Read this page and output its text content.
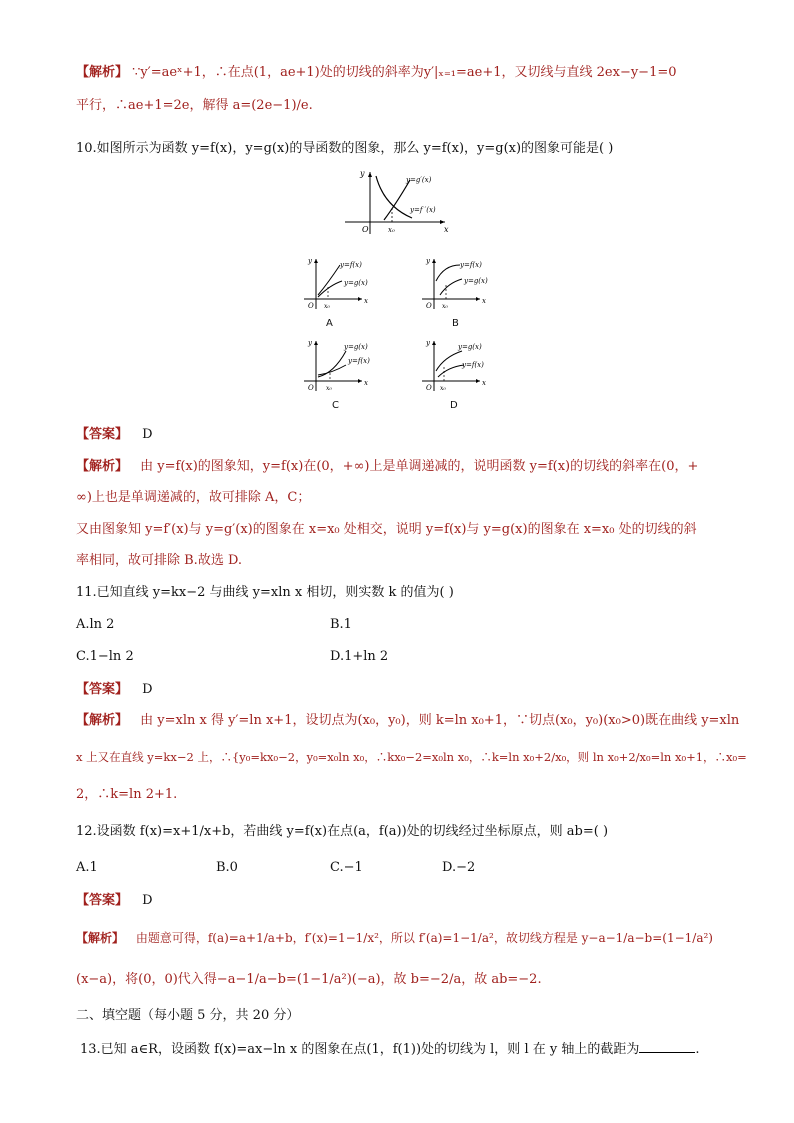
【解析】 ∵y′=aeˣ+1，∴在点(1，ae+1)处的切线的斜率为y′|ₓ₌₁=ae+1，又切线与直线 2ex−y−1=0
平行，∴ae+1=2e，解得 a=(2e−1)/e.
10.如图所示为函数 y=f(x)，y=g(x)的导函数的图象，那么 y=f(x)，y=g(x)的图象可能是( )
y
x
O	x₀
y=g′(x)
y=f ′(x)
y
x
O x₀
y=f(x)
y=g(x)
A
y
x
O x₀
y=f(x)
y=g(x)
B
y
x
O x₀
y=g(x)
y=f(x)
C
y
x
O x₀
y=g(x)
y=f(x)
D
【答案】 D
【解析】 由 y=f(x)的图象知，y=f(x)在(0，+∞)上是单调递减的，说明函数 y=f(x)的切线的斜率在(0，+
∞)上也是单调递减的，故可排除 A，C；
又由图象知 y=f′(x)与 y=g′(x)的图象在 x=x₀ 处相交，说明 y=f(x)与 y=g(x)的图象在 x=x₀ 处的切线的斜
率相同，故可排除 B.故选 D.
11.已知直线 y=kx−2 与曲线 y=xln x 相切，则实数 k 的值为( )
A.ln 2	B.1
C.1−ln 2	D.1+ln 2
【答案】 D
【解析】 由 y=xln x 得 y′=ln x+1，设切点为(x₀，y₀)，则 k=ln x₀+1，∵切点(x₀，y₀)(x₀>0)既在曲线 y=xln
x 上又在直线 y=kx−2 上，∴{y₀=kx₀−2，y₀=x₀ln x₀，∴kx₀−2=x₀ln x₀，∴k=ln x₀+2/x₀，则 ln x₀+2/x₀=ln x₀+1，∴x₀=
2，∴k=ln 2+1.
12.设函数 f(x)=x+1/x+b，若曲线 y=f(x)在点(a，f(a))处的切线经过坐标原点，则 ab=( )
A.1	B.0	C.−1	D.−2
【答案】 D
【解析】 由题意可得，f(a)=a+1/a+b，f′(x)=1−1/x²，所以 f′(a)=1−1/a²，故切线方程是 y−a−1/a−b=(1−1/a²)
(x−a)，将(0，0)代入得−a−1/a−b=(1−1/a²)(−a)，故 b=−2/a，故 ab=−2.
二、填空题（每小题 5 分，共 20 分）
13.已知 a∈R，设函数 f(x)=ax−ln x 的图象在点(1，f(1))处的切线为 l，则 l 在 y 轴上的截距为	.
